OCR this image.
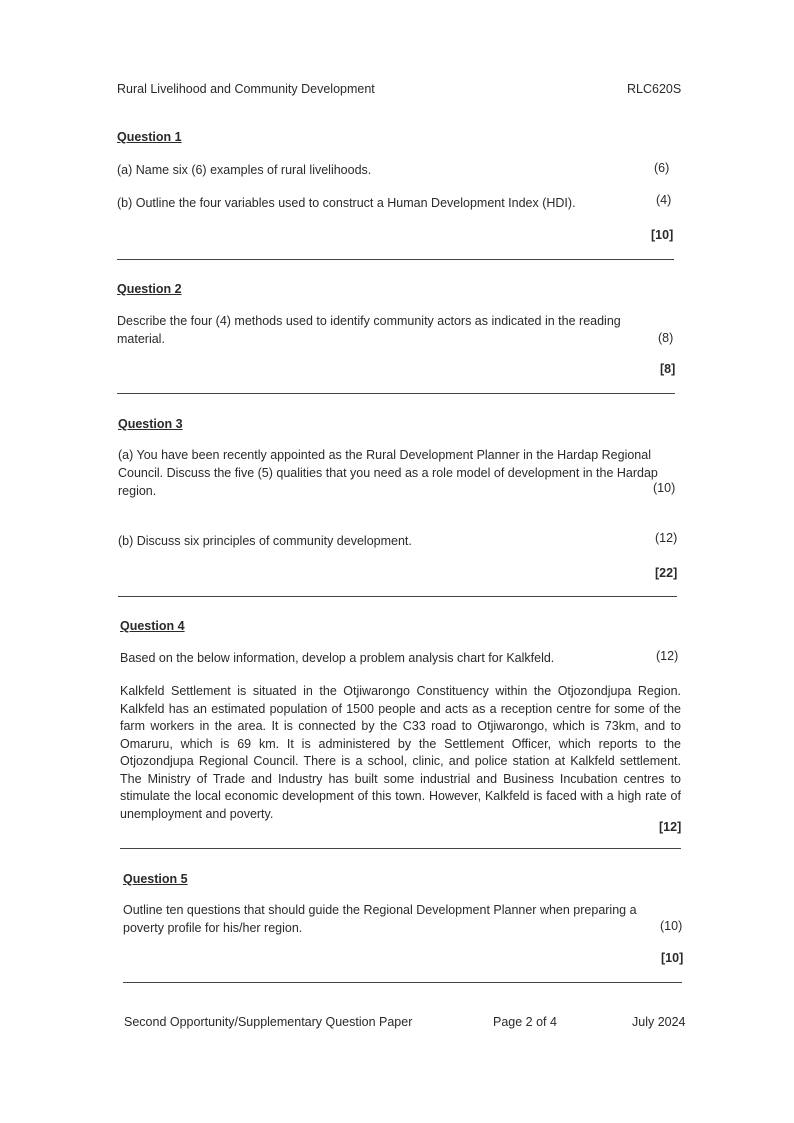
Rural Livelihood and Community Development	RLC620S
Question 1
(a) Name six (6) examples of rural livelihoods.	(6)
(b) Outline the four variables used to construct a Human Development Index (HDI).	(4)
[10]
Question 2
Describe the four (4) methods used to identify community actors as indicated in the reading
material.	(8)
[8]
Question 3
(a) You have been recently appointed as the Rural Development Planner in the Hardap Regional
Council. Discuss the five (5) qualities that you need as a role model of development in the Hardap
region.	(10)
(b) Discuss six principles of community development.	(12)
[22]
Question 4
Based on the below information, develop a problem analysis chart for Kalkfeld.	(12)
Kalkfeld Settlement is situated in the Otjiwarongo Constituency within the Otjozondjupa Region. Kalkfeld has an estimated population of 1500 people and acts as a reception centre for some of the farm workers in the area. It is connected by the C33 road to Otjiwarongo, which is 73km, and to Omaruru, which is 69 km. It is administered by the Settlement Officer, which reports to the Otjozondjupa Regional Council. There is a school, clinic, and police station at Kalkfeld settlement. The Ministry of Trade and Industry has built some industrial and Business Incubation centres to stimulate the local economic development of this town. However, Kalkfeld is faced with a high rate of unemployment and poverty.
[12]
Question 5
Outline ten questions that should guide the Regional Development Planner when preparing a
poverty profile for his/her region.	(10)
[10]
Second Opportunity/Supplementary Question Paper	Page 2 of 4	July 2024
